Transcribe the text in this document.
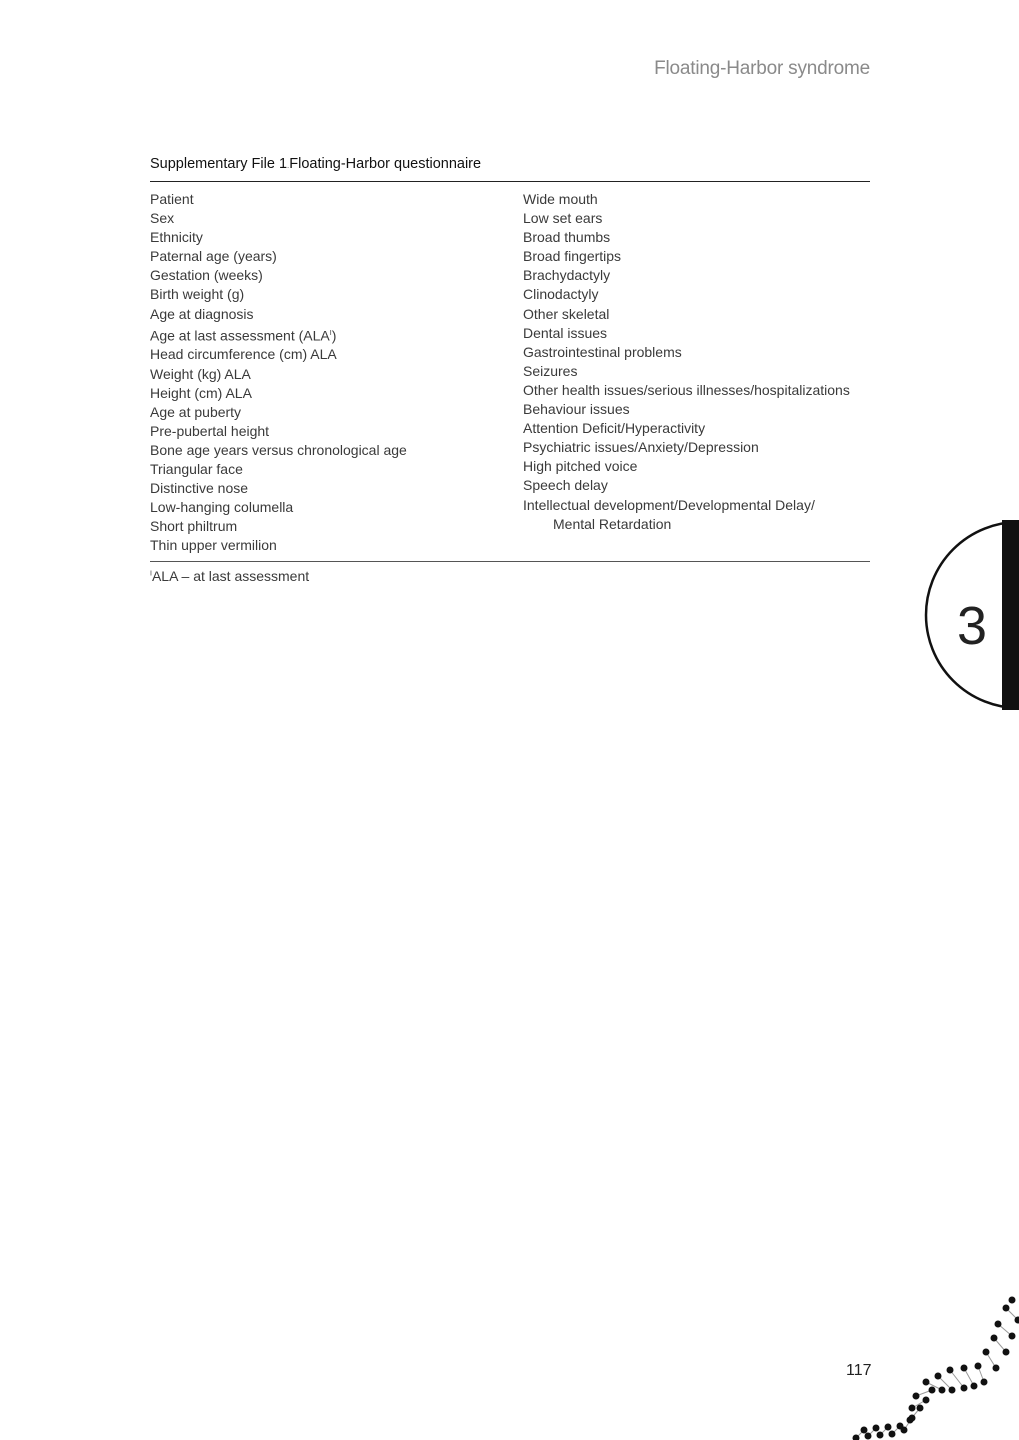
Floating-Harbor syndrome

Supplementary File 1.Floating-Harbor questionnaire

Patient
Sex
Ethnicity
Paternal age (years)
Gestation (weeks)
Birth weight (g)
Age at diagnosis
Age at last assessment $(ALA^I)$
Head circumference (cm) ALA
Weight (kg) ALA
Height (cm) ALA
Age at puberty
Pre-pubertal height
Bone age years versus chronological age
Triangular face
Distinctive nose
Low-hanging columella
Short philtrum
Thin upper vermilion
Wide mouth
Low set ears
Broad thumbs
Broad fingertips
Brachydactyly
Clinodactyly
Other skeletal
Dental issues
Gastrointestinal problems
Seizures
Other health issues/serious illnesses/hospitalizations
Behaviour issues
Attention Deficit/Hyperactivity
Psychiatric issues/Anxiety/Depression
High pitched voice
Speech delay
Intellectual development/Developmental Delay/
Mental Retardation
$^I$ALA – at last assessment
3
117
